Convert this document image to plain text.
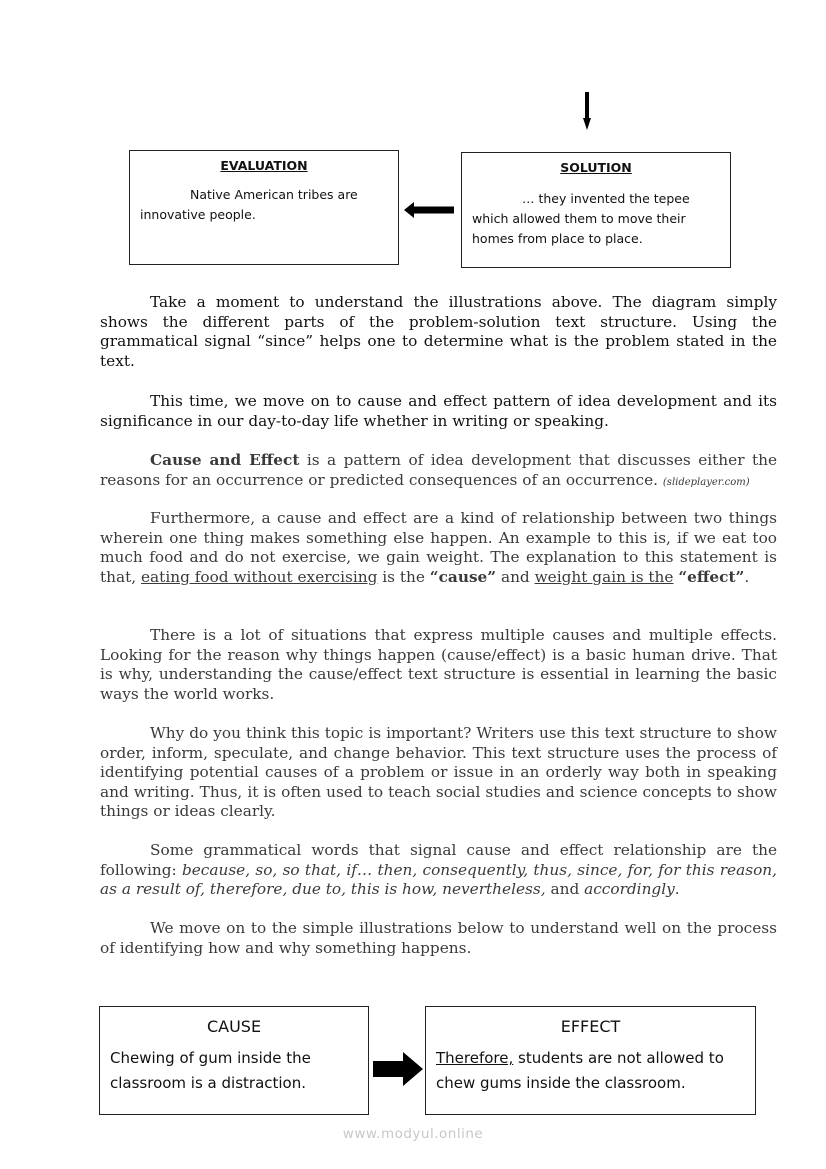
EVALUATION
Native American tribes are innovative people.
SOLUTION
… they invented the tepee which allowed them to move their homes from place to place.

Take a moment to understand the illustrations above. The diagram simply shows the different parts of the problem-solution text structure. Using the grammatical signal “since” helps one to determine what is the problem stated in the text.

This time, we move on to cause and effect pattern of idea development and its significance in our day-to-day life whether in writing or speaking.

Cause and Effect is a pattern of idea development that discusses either the reasons for an occurrence or predicted consequences of an occurrence. (slideplayer.com)

Furthermore, a cause and effect are a kind of relationship between two things wherein one thing makes something else happen. An example to this is, if we eat too much food and do not exercise, we gain weight. The explanation to this statement is that, eating food without exercising is the “cause” and weight gain is the “effect”.

There is a lot of situations that express multiple causes and multiple effects. Looking for the reason why things happen (cause/effect) is a basic human drive. That is why, understanding the cause/effect text structure is essential in learning the basic ways the world works.

Why do you think this topic is important? Writers use this text structure to show order, inform, speculate, and change behavior. This text structure uses the process of identifying potential causes of a problem or issue in an orderly way both in speaking and writing. Thus, it is often used to teach social studies and science concepts to show things or ideas clearly.

Some grammatical words that signal cause and effect relationship are the following: because, so, so that, if… then, consequently, thus, since, for, for this reason, as a result of, therefore, due to, this is how, nevertheless, and accordingly.

We move on to the simple illustrations below to understand well on the process of identifying how and why something happens.

CAUSE
Chewing of gum inside the classroom is a distraction.
EFFECT
Therefore, students are not allowed to chew gums inside the classroom.
www.modyul.online
